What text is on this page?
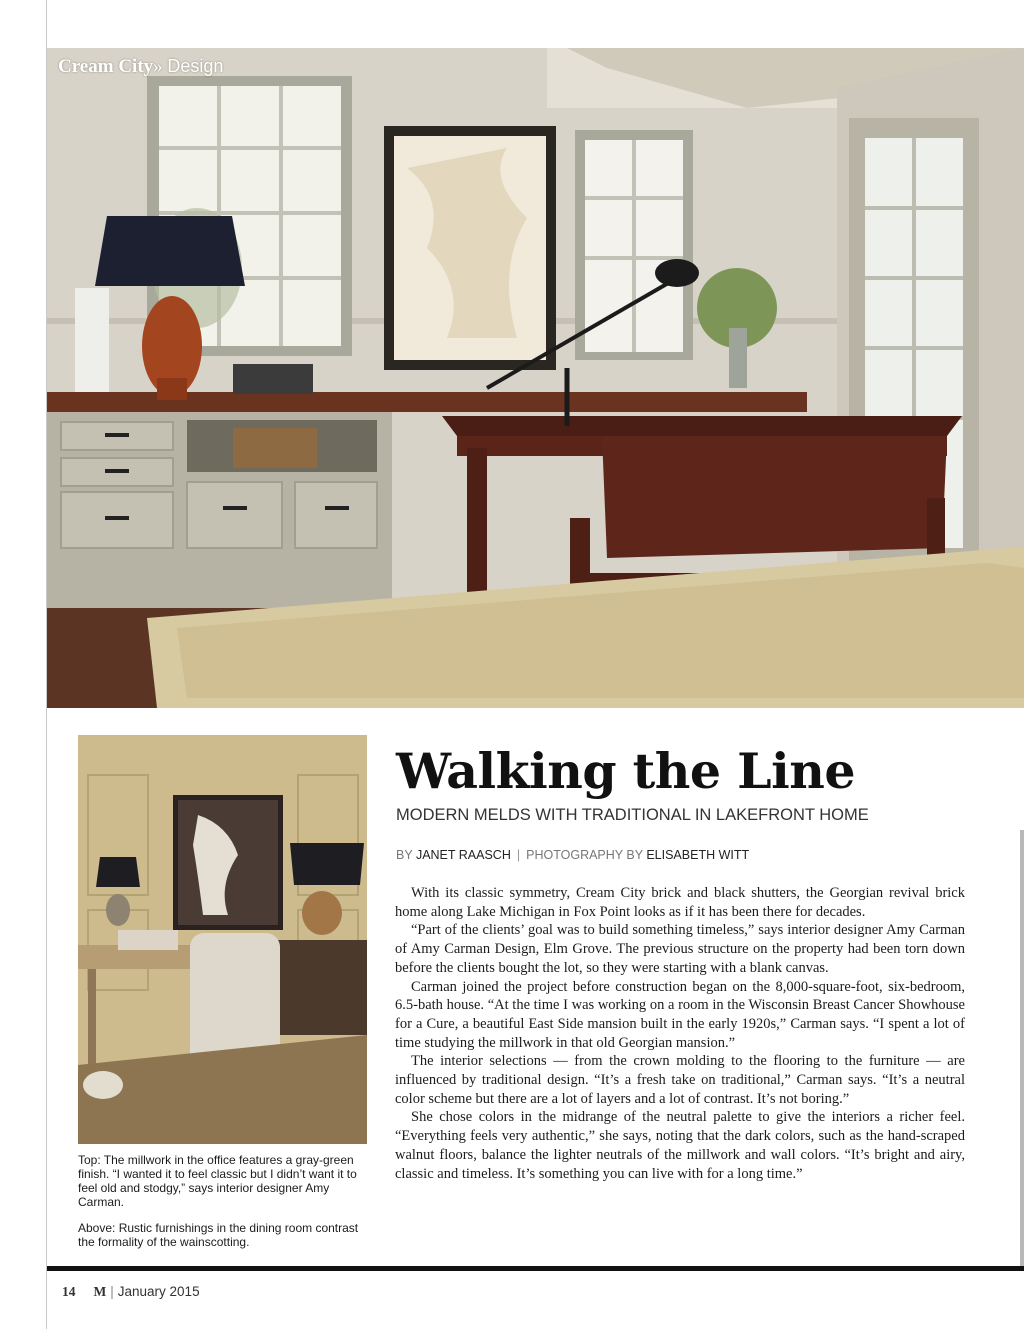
Cream City» Design

Top: The millwork in the office features a gray-green finish. “I wanted it to feel classic but I didn’t want it to feel old and stodgy,” says interior designer Amy Carman.

Above: Rustic furnishings in the dining room contrast the formality of the wainscotting.

Walking the Line
MODERN MELDS WITH TRADITIONAL IN LAKEFRONT HOME
BY JANET RAASCH | PHOTOGRAPHY BY ELISABETH WITT

With its classic symmetry, Cream City brick and black shutters, the Georgian revival brick home along Lake Michigan in Fox Point looks as if it has been there for decades.

“Part of the clients’ goal was to build something timeless,” says interior designer Amy Carman of Amy Carman Design, Elm Grove. The previous structure on the property had been torn down before the clients bought the lot, so they were starting with a blank canvas.

Carman joined the project before construction began on the 8,000-square-foot, six-bedroom, 6.5-bath house. “At the time I was working on a room in the Wisconsin Breast Cancer Showhouse for a Cure, a beautiful East Side mansion built in the early 1920s,” Carman says. “I spent a lot of time studying the millwork in that old Georgian mansion.”

The interior selections — from the crown molding to the flooring to the furniture — are influenced by traditional design. “It’s a fresh take on traditional,” Carman says. “It’s a neutral color scheme but there are a lot of layers and a lot of contrast. It’s not boring.”

She chose colors in the midrange of the neutral palette to give the interiors a richer feel. “Everything feels very authentic,” she says, noting that the dark colors, such as the hand-scraped walnut floors, balance the lighter neutrals of the millwork and wall colors. “It’s bright and airy, classic and timeless. It’s something you can live with for a long time.”

14 M | January 2015
